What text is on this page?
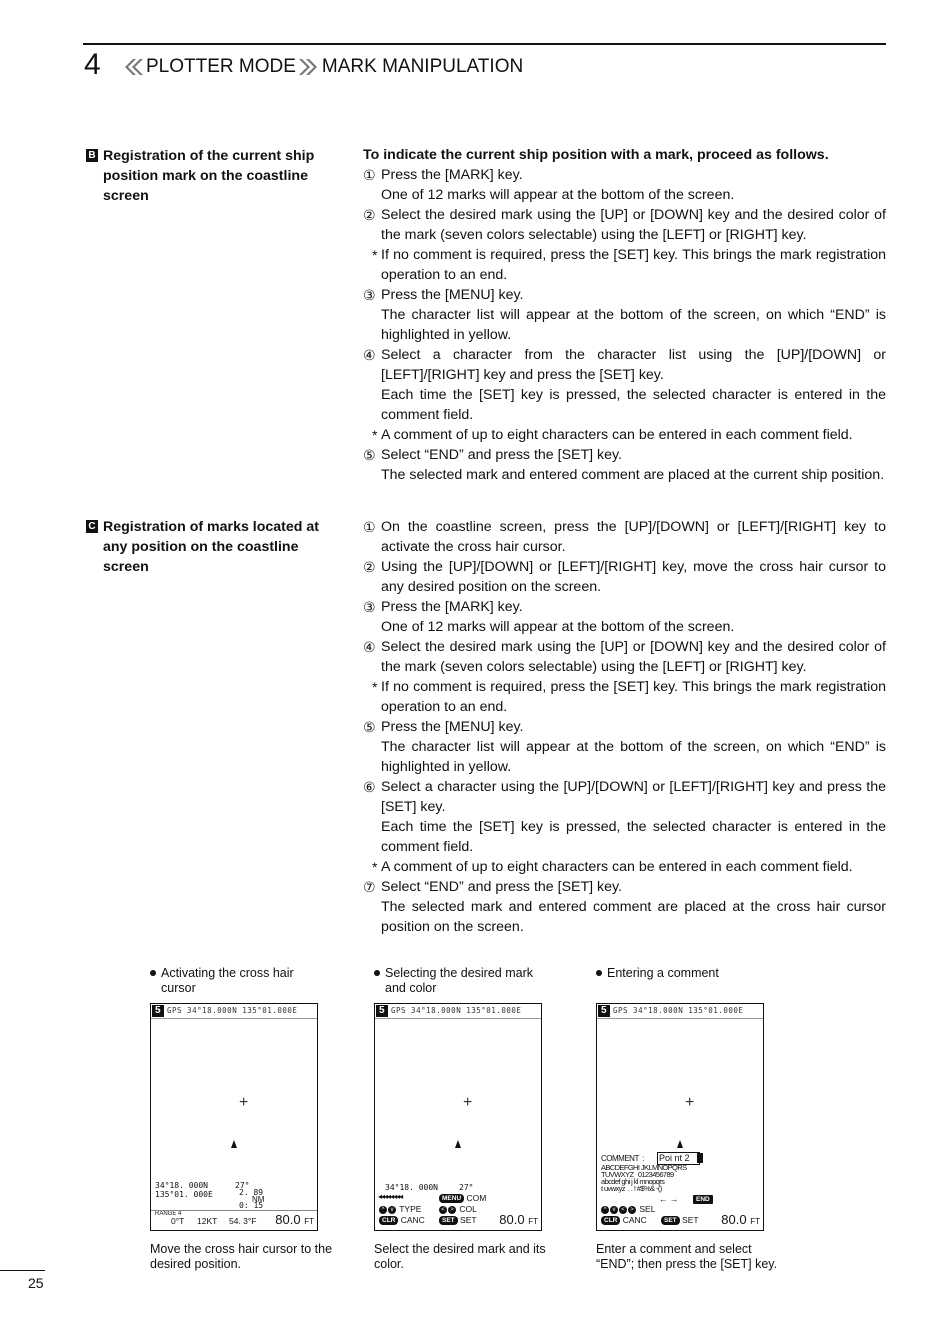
4 PLOTTER MODE MARK MANIPULATION
B Registration of the current ship position mark on the coastline screen
To indicate the current ship position with a mark, proceed as follows.
① Press the [MARK] key.
One of 12 marks will appear at the bottom of the screen.
② Select the desired mark using the [UP] or [DOWN] key and the desired color of the mark (seven colors selectable) using the [LEFT] or [RIGHT] key.
* If no comment is required, press the [SET] key. This brings the mark registration operation to an end.
③ Press the [MENU] key.
The character list will appear at the bottom of the screen, on which “END” is highlighted in yellow.
④ Select a character from the character list using the [UP]/[DOWN] or [LEFT]/[RIGHT] key and press the [SET] key.
Each time the [SET] key is pressed, the selected character is entered in the comment field.
* A comment of up to eight characters can be entered in each comment field.
⑤ Select “END” and press the [SET] key.
The selected mark and entered comment are placed at the current ship position.
C Registration of marks located at any position on the coastline screen
① On the coastline screen, press the [UP]/[DOWN] or [LEFT]/[RIGHT] key to activate the cross hair cursor.
② Using the [UP]/[DOWN] or [LEFT]/[RIGHT] key, move the cross hair cursor to any desired position on the screen.
③ Press the [MARK] key.
One of 12 marks will appear at the bottom of the screen.
④ Select the desired mark using the [UP] or [DOWN] key and the desired color of the mark (seven colors selectable) using the [LEFT] or [RIGHT] key.
* If no comment is required, press the [SET] key. This brings the mark registration operation to an end.
⑤ Press the [MENU] key.
The character list will appear at the bottom of the screen, on which “END” is highlighted in yellow.
⑥ Select a character using the [UP]/[DOWN] or [LEFT]/[RIGHT] key and press the [SET] key.
Each time the [SET] key is pressed, the selected character is entered in the comment field.
* A comment of up to eight characters can be entered in each comment field.
⑦ Select “END” and press the [SET] key.
The selected mark and entered comment are placed at the cross hair cursor position on the screen.
Activating the cross hair cursor
5 GPS 34°18.000N 135°01.000E
+
34°18. 000N
135°01. 000E
27°
2. 89
NM
0: 15
RANGE 4
0°T 12KT 54. 3°F 80.0 FT
Move the cross hair cursor to the desired position.
Selecting the desired mark and color
5 GPS 34°18.000N 135°01.000E
+
34°18. 000N	27°
◂◂◂◂◂◂◂◂	MENU COM
< > COL
^ v TYPE
CLR CANC	SET SET 80.0 FT
Select the desired mark and its color.
Entering a comment
5 GPS 34°18.000N 135°01.000E
+
COMMENT  : Poi nt 2
ABCDEFGHI JKLMNOPQRS
TUVWXYZ   0123456789
abcdef ghi j kl mnopqrs
t uvwxyz  . . ! #$%& -()
← →	END
^ v < > SEL
CLR CANC	SET SET 80.0 FT
Enter a comment and select “END”; then press the [SET] key.
25
